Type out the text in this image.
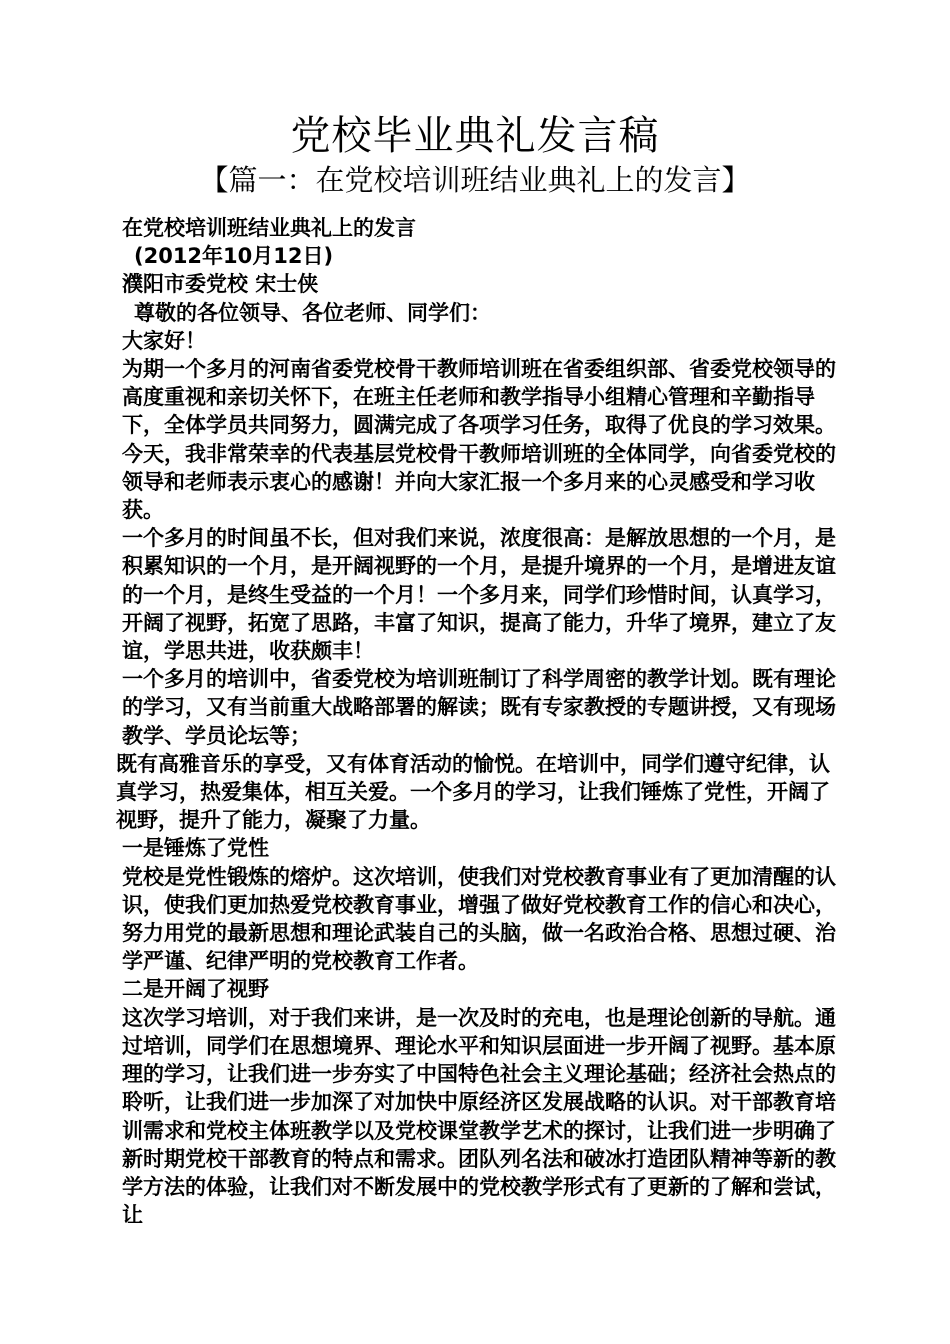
党校毕业典礼发言稿
【篇一：在党校培训班结业典礼上的发言】

在党校培训班结业典礼上的发言

(2012年10月12日)

濮阳市委党校 宋士侠

尊敬的各位领导、各位老师、同学们：

大家好！

为期一个多月的河南省委党校骨干教师培训班在省委组织部、省委党校领导的高度重视和亲切关怀下，在班主任老师和教学指导小组精心管理和辛勤指导下，全体学员共同努力，圆满完成了各项学习任务，取得了优良的学习效果。 今天，我非常荣幸的代表基层党校骨干教师培训班的全体同学，向省委党校的领导和老师表示衷心的感谢！并向大家汇报一个多月来的心灵感受和学习收获。

一个多月的时间虽不长，但对我们来说，浓度很高：是解放思想的一个月，是积累知识的一个月，是开阔视野的一个月，是提升境界的一个月，是增进友谊的一个月，是终生受益的一个月！一个多月来，同学们珍惜时间，认真学习，开阔了视野，拓宽了思路，丰富了知识，提高了能力，升华了境界，建立了友谊，学思共进，收获颇丰！

一个多月的培训中，省委党校为培训班制订了科学周密的教学计划。既有理论的学习，又有当前重大战略部署的解读；既有专家教授的专题讲授，又有现场教学、学员论坛等；

既有高雅音乐的享受，又有体育活动的愉悦。在培训中，同学们遵守纪律，认真学习，热爱集体，相互关爱。一个多月的学习，让我们锤炼了党性，开阔了视野，提升了能力，凝聚了力量。

一是锤炼了党性

党校是党性锻炼的熔炉。这次培训，使我们对党校教育事业有了更加清醒的认识，使我们更加热爱党校教育事业，增强了做好党校教育工作的信心和决心，努力用党的最新思想和理论武装自己的头脑，做一名政治合格、思想过硬、治学严谨、纪律严明的党校教育工作者。

二是开阔了视野

这次学习培训，对于我们来讲，是一次及时的充电，也是理论创新的导航。通过培训，同学们在思想境界、理论水平和知识层面进一步开阔了视野。基本原理的学习，让我们进一步夯实了中国特色社会主义理论基础；经济社会热点的聆听，让我们进一步加深了对加快中原经济区发展战略的认识。对干部教育培训需求和党校主体班教学以及党校课堂教学艺术的探讨，让我们进一步明确了新时期党校干部教育的特点和需求。团队列名法和破冰打造团队精神等新的教学方法的体验，让我们对不断发展中的党校教学形式有了更新的了解和尝试，让
